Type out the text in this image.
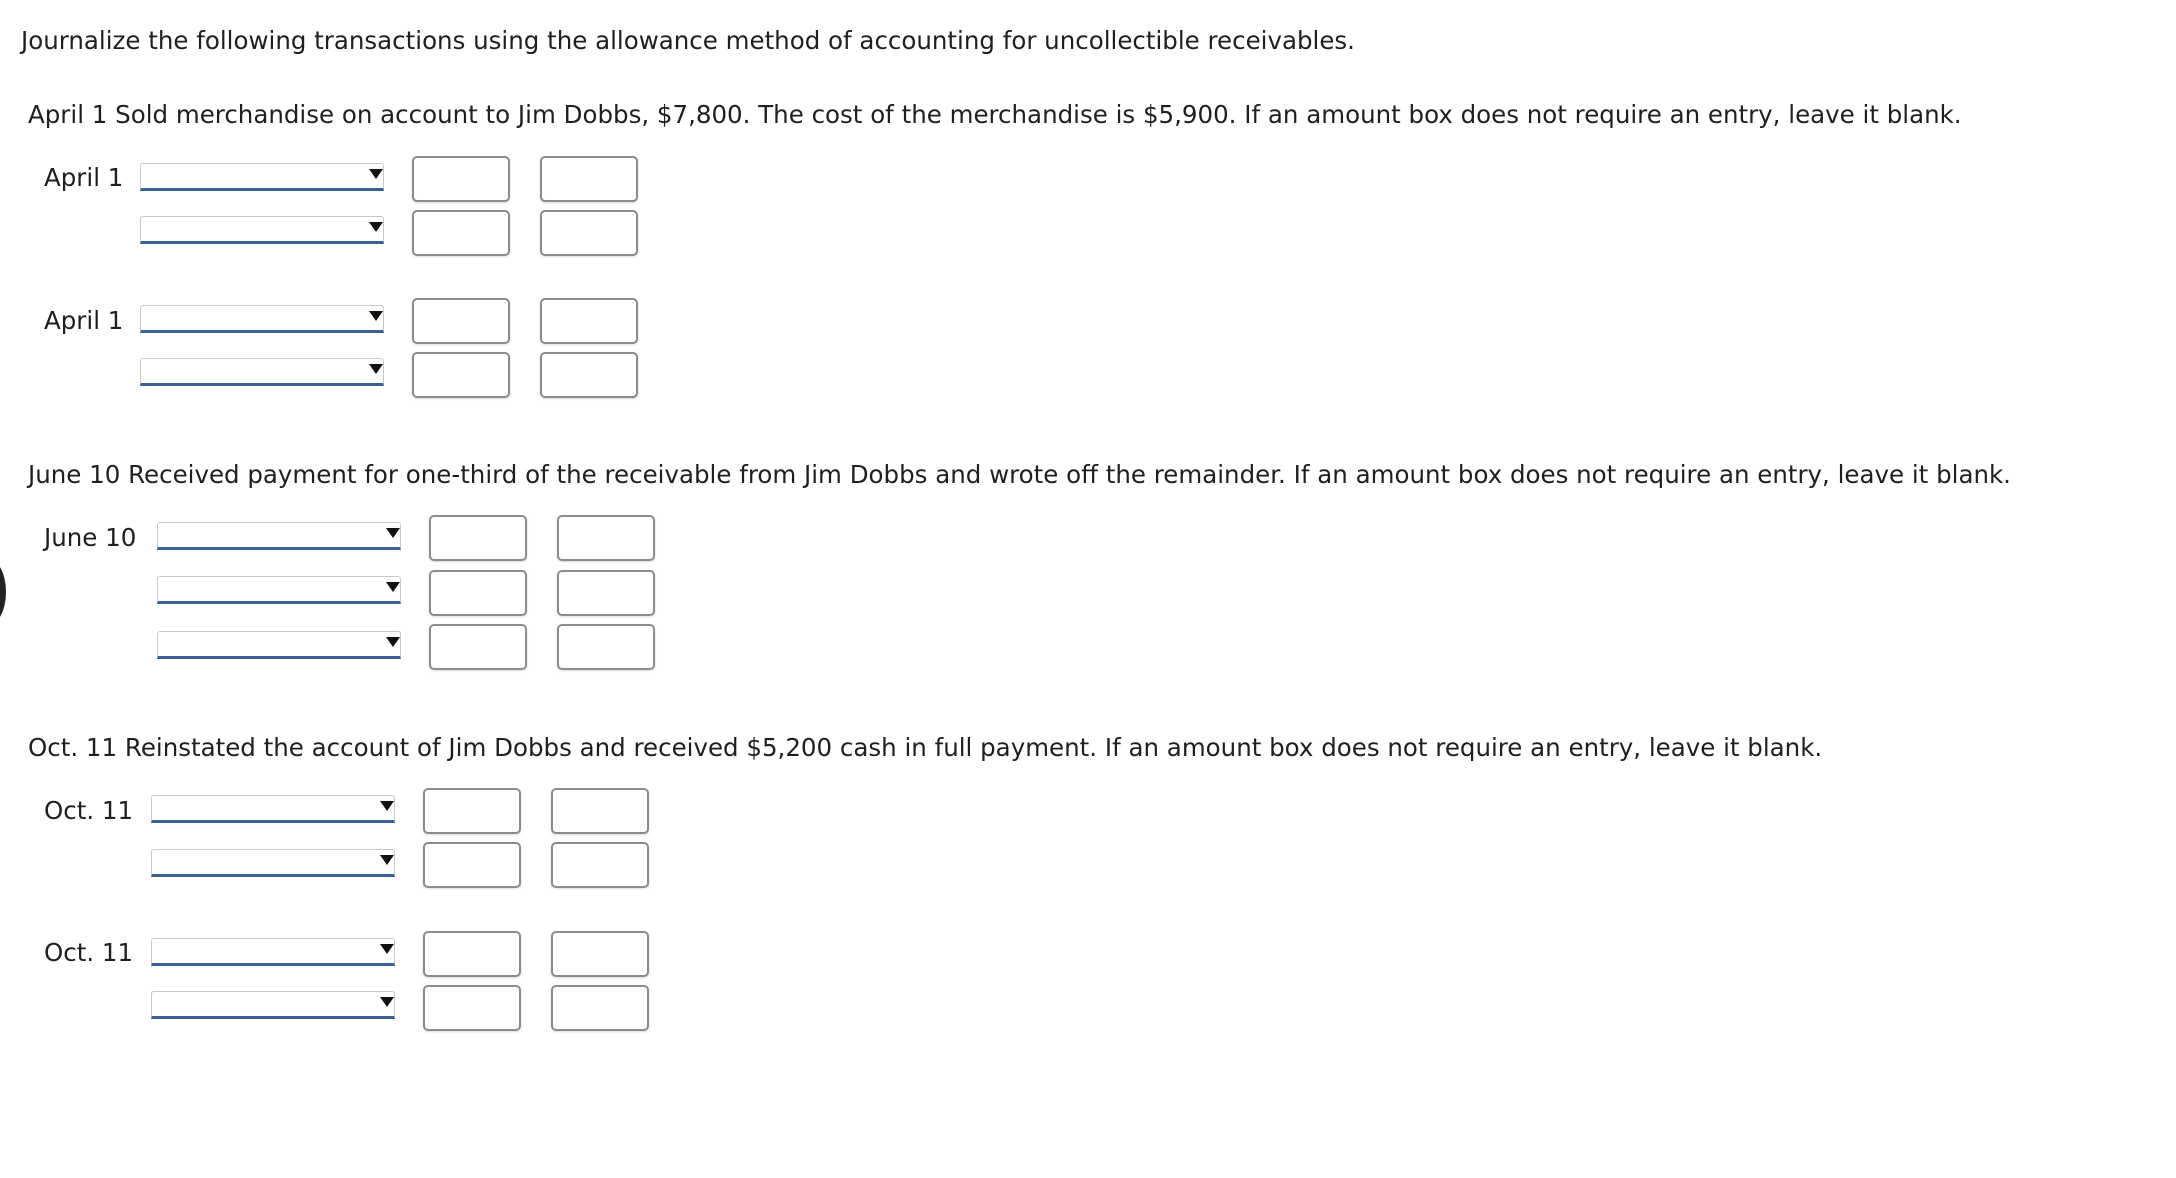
Journalize the following transactions using the allowance method of accounting for uncollectible receivables.
April 1 Sold merchandise on account to Jim Dobbs, $7,800. The cost of the merchandise is $5,900. If an amount box does not require an entry, leave it blank.
April 1
April 1
June 10 Received payment for one-third of the receivable from Jim Dobbs and wrote off the remainder. If an amount box does not require an entry, leave it blank.
June 10
Oct. 11 Reinstated the account of Jim Dobbs and received $5,200 cash in full payment. If an amount box does not require an entry, leave it blank.
Oct. 11
Oct. 11
